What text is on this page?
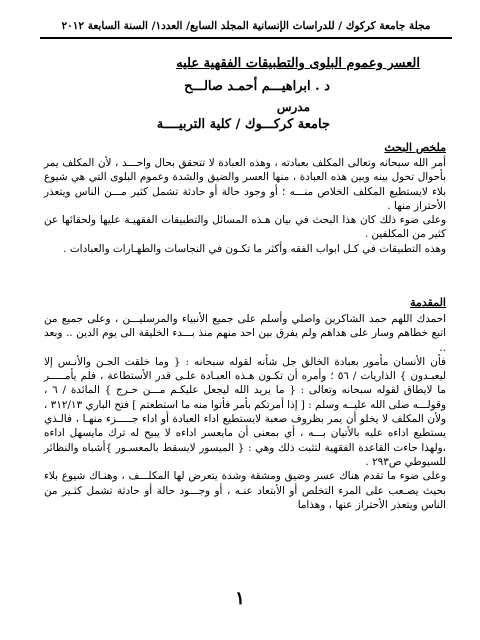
مجلة جامعة كركوك / للدراسات الإنسانية المجلد السابع/ العدد١/ السنة السابعة ٢٠١٢
العسر وعموم البلوى والتطبيقات الفقهية عليه
د . ابراهيـــم أحمـد صالـــح
مدرس
جامعة كركـــوك / كلية التربيــــة
ملخص البحث

أمر الله سبحانه وتعالى المكلف بعبادته ، وهذه العبادة لا تتحقق بحال واحـــد ، لأن المكلف يمر بأحوال تحول بينه وبين هذه العبادة ، منها العسر والضيق والشدة وعموم البلوى التي هي شيوع بلاء لايستطيع المكلف الخلاص منـــه ؛ أو وجود حالة أو حادثة تشمل كثير مـــن الناس ويتعذر الأحتراز منها .

وعلى ضوء ذلك كان هذا البحث في بيان هـذه المسائل والتطبيقات الفقهيـة عليها ولحقائها عن كثير من المكلفين .

وهذه التطبيقات في كـل ابواب الفقه وأكثر ما تكـون في النجاسات والطهـارات والعبادات .

المقدمة

احمدك اللهم حمد الشاكرين واصلي وأسلم على جميع الأنبياء والمرسليـــن ، وعلى جميع من اتبع خطاهم وسار على هداهم ولم يفرق بين احد منهم منذ بـــدء الخليقة الى يوم الدين .. وبعد ..

فأن الأنسان مأمور بعبادة الخالق جل شأنه لقوله سبحانه : { وما خلقت الجـن والأنـس إلا ليعبـدون } الذاريات / ٥٦ ؛ وأمره أن تكـون هـذه العبـادة علـى قدر الأستطاعة ، فلم يأمـــــر ما لايطاق لقوله سبحانه وتعالى : { ما يريد الله ليجعل عليكـم مـــن حـرج } المائدة / ٦ ، وقولـــه صلى الله عليــه وسلم : [ إذا أمرتكم بأمر فأتوا منه ما استطعتم ] فتح الباري ٣١٢/١٣ ، ولأن المكلف لا يخلو أن يمر بظروف صعبة لايستطيع اداء العبادة أو اداء جـــــزء منهـا ، فالـذي يستطيع اداءه عليه بالأتيان بـــه ، أي بمعنى أن مايعسر اداءه لا يبيح له ترك مايسهل اداءه ،ولهذا جاءت القاعدة الفقهية لتثبت ذلك وهي : { الميسور لايسقط بالمعسـور }أشباه والنظائر للسيوطي ص٢٩٣ .

وعلى ضوء ما تقدم هناك عسر وضيق ومشقة وشدة يتعرض لها المكلـــف ، وهنـاك شيوع بلاء بحيث يصـعب على المرء التخلص أو الأبتعاد عنـه ، أو وجـــود حالة أو حادثة تشمل كثـير من الناس ويتعذر الأحتراز عنها ، وهذاما

١
